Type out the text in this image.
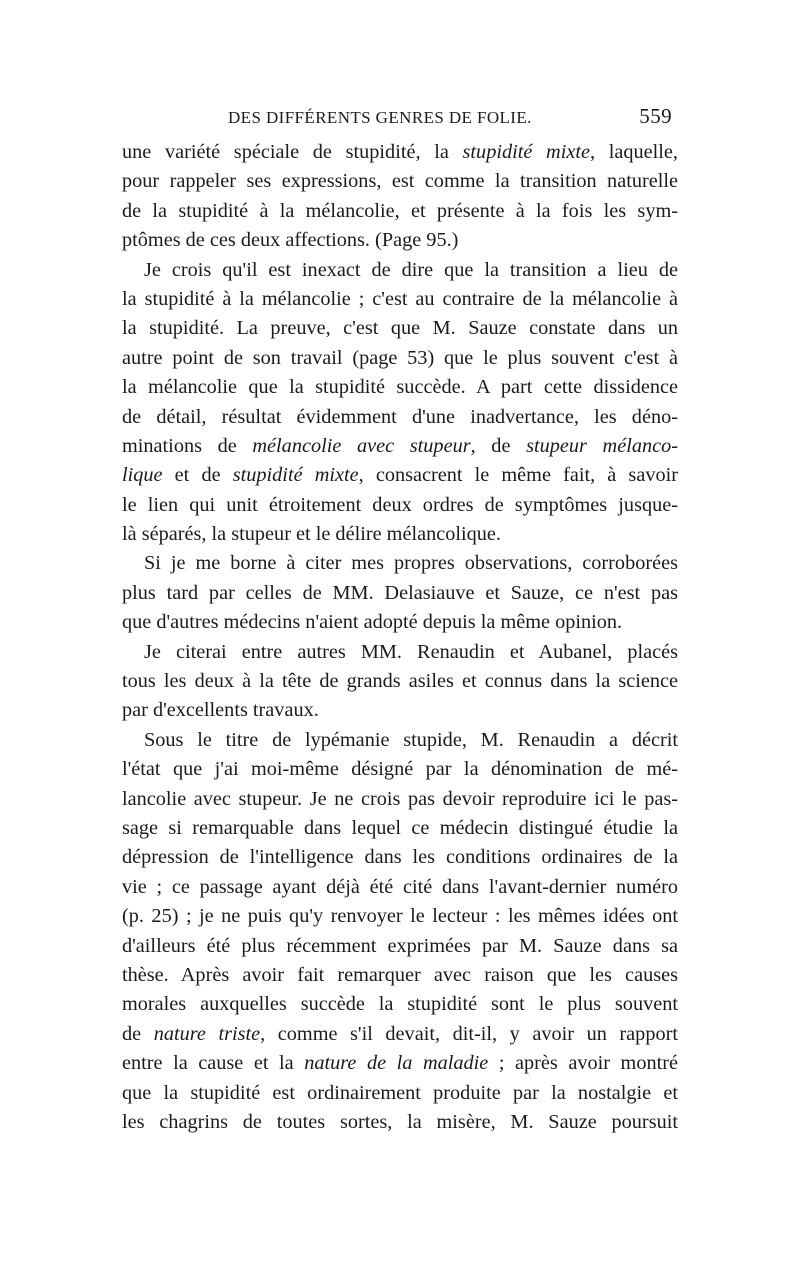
DES DIFFÉRENTS GENRES DE FOLIE.	559
une variété spéciale de stupidité, la stupidité mixte, laquelle,
pour rappeler ses expressions, est comme la transition naturelle
de la stupidité à la mélancolie, et présente à la fois les sym-
ptômes de ces deux affections. (Page 95.)
Je crois qu'il est inexact de dire que la transition a lieu de
la stupidité à la mélancolie ; c'est au contraire de la mélancolie à
la stupidité. La preuve, c'est que M. Sauze constate dans un
autre point de son travail (page 53) que le plus souvent c'est à
la mélancolie que la stupidité succède. A part cette dissidence
de détail, résultat évidemment d'une inadvertance, les déno-
minations de mélancolie avec stupeur, de stupeur mélanco-
lique et de stupidité mixte, consacrent le même fait, à savoir
le lien qui unit étroitement deux ordres de symptômes jusque-
là séparés, la stupeur et le délire mélancolique.
Si je me borne à citer mes propres observations, corroborées
plus tard par celles de MM. Delasiauve et Sauze, ce n'est pas
que d'autres médecins n'aient adopté depuis la même opinion.
Je citerai entre autres MM. Renaudin et Aubanel, placés
tous les deux à la tête de grands asiles et connus dans la science
par d'excellents travaux.
Sous le titre de lypémanie stupide, M. Renaudin a décrit
l'état que j'ai moi-même désigné par la dénomination de mé-
lancolie avec stupeur. Je ne crois pas devoir reproduire ici le pas-
sage si remarquable dans lequel ce médecin distingué étudie la
dépression de l'intelligence dans les conditions ordinaires de la
vie ; ce passage ayant déjà été cité dans l'avant-dernier numéro
(p. 25) ; je ne puis qu'y renvoyer le lecteur : les mêmes idées ont
d'ailleurs été plus récemment exprimées par M. Sauze dans sa
thèse. Après avoir fait remarquer avec raison que les causes
morales auxquelles succède la stupidité sont le plus souvent
de nature triste, comme s'il devait, dit-il, y avoir un rapport
entre la cause et la nature de la maladie ; après avoir montré
que la stupidité est ordinairement produite par la nostalgie et
les chagrins de toutes sortes, la misère, M. Sauze poursuit
